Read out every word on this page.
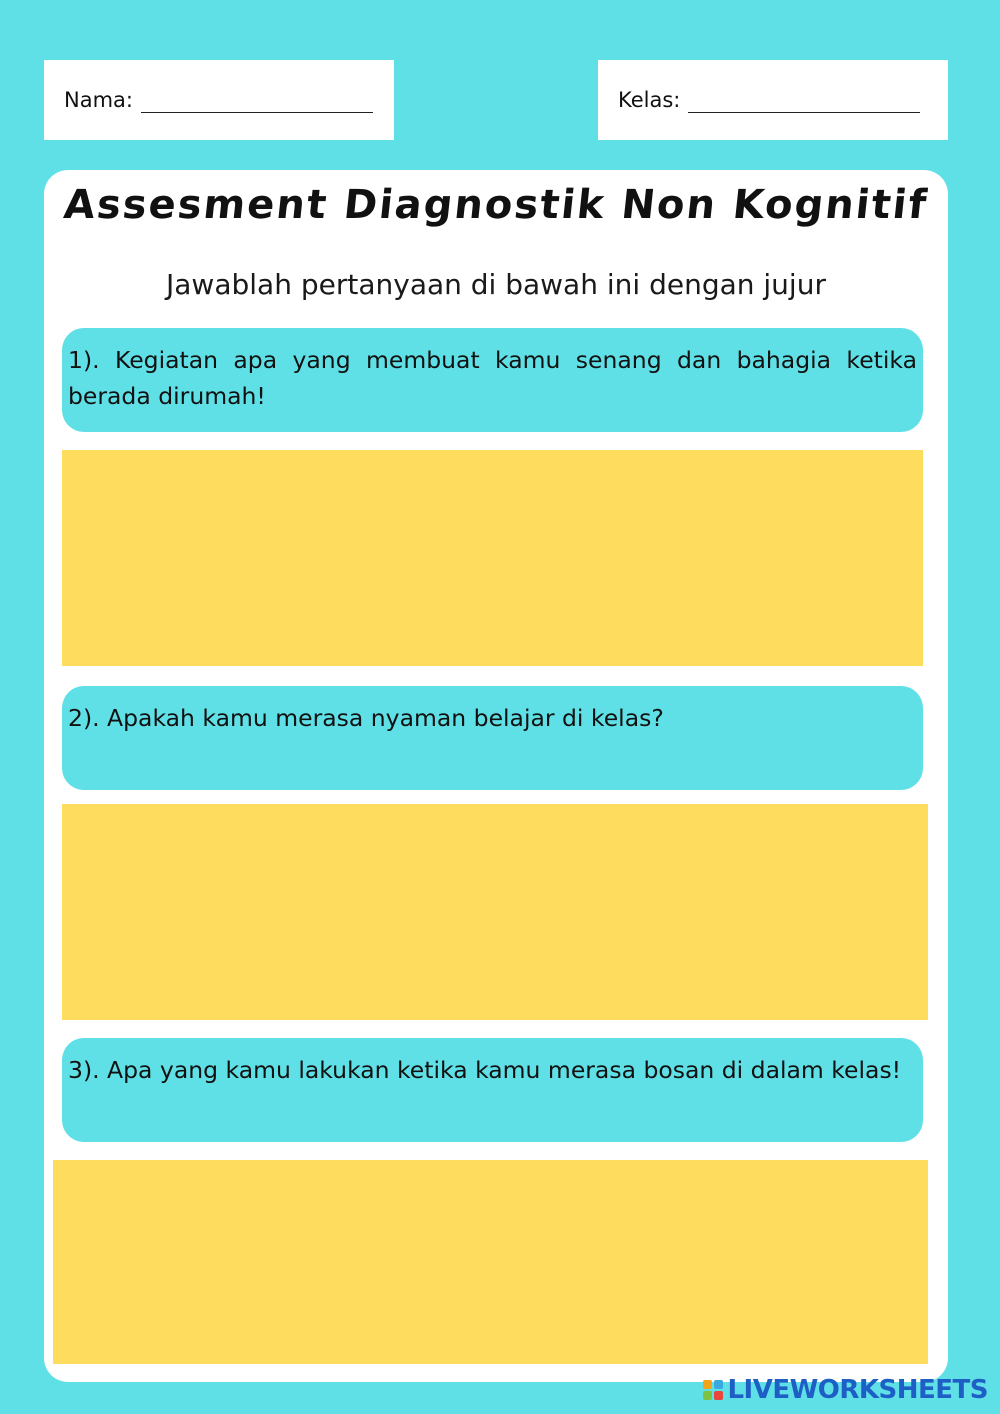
Nama:	Kelas:
Assesment Diagnostik Non Kognitif
Jawablah pertanyaan di bawah ini dengan jujur
1). Kegiatan apa yang membuat kamu senang dan bahagia ketika berada dirumah!
2). Apakah kamu merasa nyaman belajar di kelas?
3). Apa yang kamu lakukan ketika kamu merasa bosan di dalam kelas!
LIVEWORKSHEETS
